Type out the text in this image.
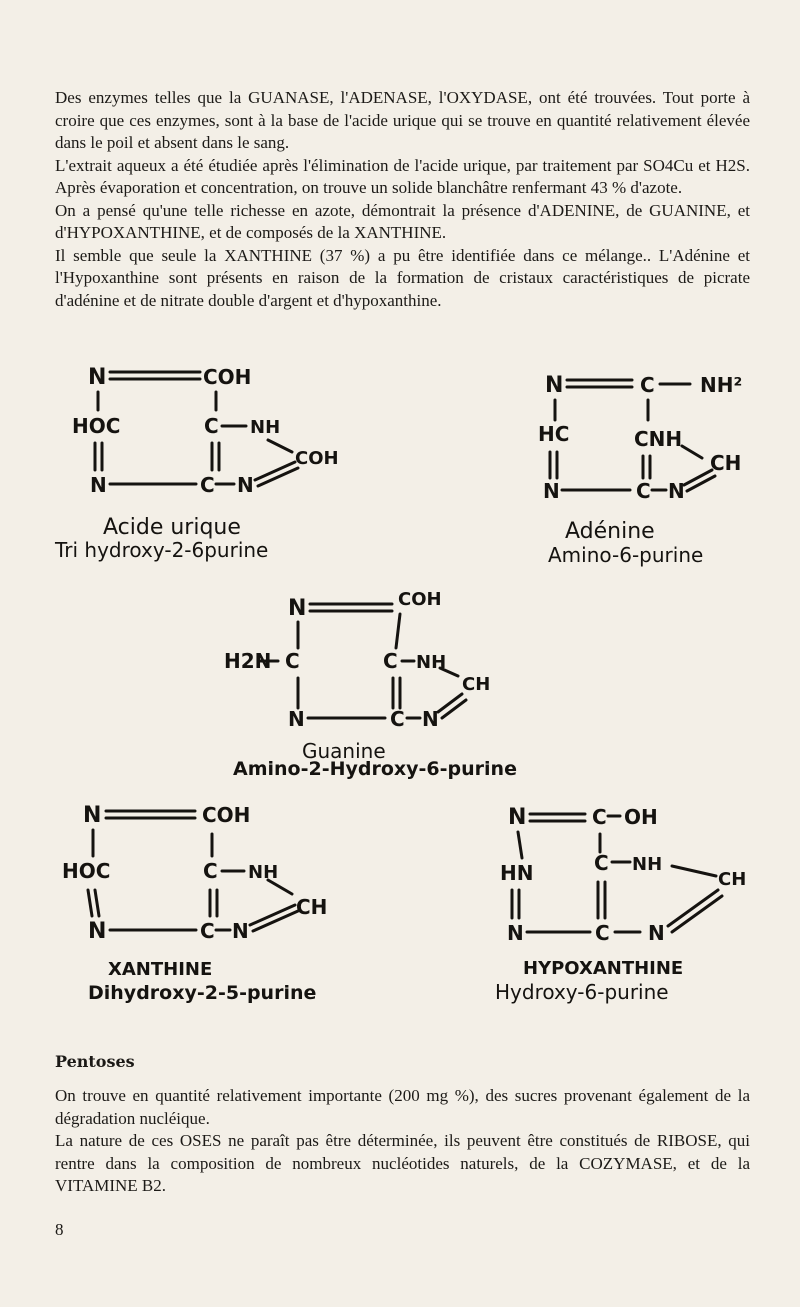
Des enzymes telles que la GUANASE, l'ADENASE, l'OXYDASE, ont été trouvées. Tout porte à croire que ces enzymes, sont à la base de l'acide urique qui se trouve en quantité relativement élevée dans le poil et absent dans le sang.

L'extrait aqueux a été étudiée après l'élimination de l'acide urique, par traitement par SO4Cu et H2S. Après évaporation et concentration, on trouve un solide blanchâtre renfermant 43 % d'azote.

On a pensé qu'une telle richesse en azote, démontrait la présence d'ADENINE, de GUANINE, et d'HYPOXANTHINE, et de composés de la XANTHINE.

Il semble que seule la XANTHINE (37 %) a pu être identifiée dans ce mélange.. L'Adénine et l'Hypoxanthine sont présents en raison de la formation de cristaux caractéristiques de picrate d'adénine et de nitrate double d'argent et d'hypoxanthine.

N	COH
HOC	C NH
COH
N	C N
Acide urique
Tri hydroxy-2-6purine
N	C NH²
HC	CNH
CH
N	C N
Adénine
Amino-6-purine
COH
N
H2N C	C NH
CH
N	C N
Guanine
Amino-2-Hydroxy-6-purine
N	COH
HOC	C NH
CH
N	C N
XANTHINE
Dihydroxy-2-5-purine
N	C OH
C NH
CH
HN
N	C N
HYPOXANTHINE
Hydroxy-6-purine
Pentoses

On trouve en quantité relativement importante (200 mg %), des sucres provenant également de la dégradation nucléique.

La nature de ces OSES ne paraît pas être déterminée, ils peuvent être constitués de RIBOSE, qui rentre dans la composition de nombreux nucléotides naturels, de la COZYMASE, et de la VITAMINE B2.

8
